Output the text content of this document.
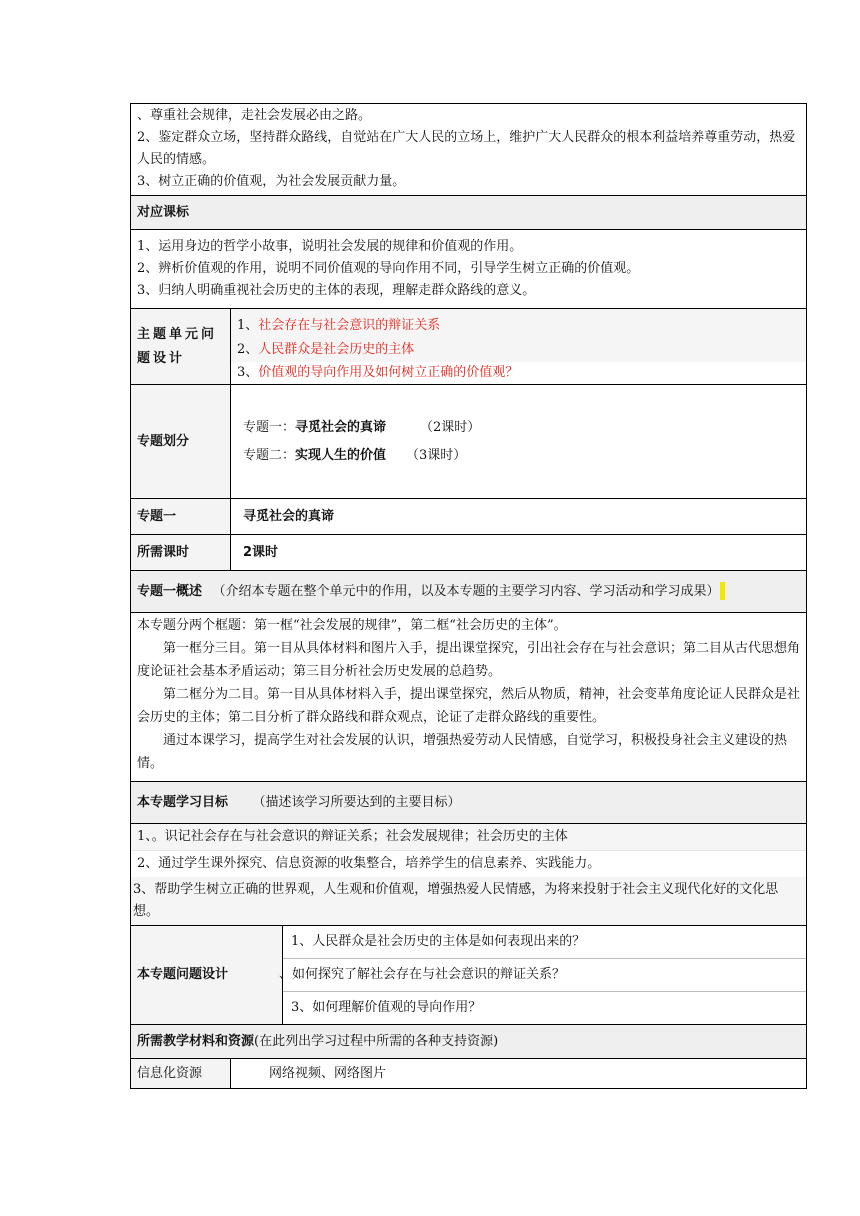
、尊重社会规律，走社会发展必由之路。
2、鉴定群众立场，坚持群众路线，自觉站在广大人民的立场上，维护广大人民群众的根本利益培养尊重劳动，热爱人民的情感。
3、树立正确的价值观，为社会发展贡献力量。		

对应课标		

1、运用身边的哲学小故事，说明社会发展的规律和价值观的作用。
2、辨析价值观的作用，说明不同价值观的导向作用不同，引导学生树立正确的价值观。
3、归纳人明确重视社会历史的主体的表现，理解走群众路线的意义。		

主题单元问题设计	1、社会存在与社会意识的辩证关系
2、人民群众是社会历史的主体
3、价值观的导向作用及如何树立正确的价值观？	

专题划分	专题一：寻觅社会的真谛 （2课时）
专题二：实现人生的价值 （3课时）	

专题一	寻觅社会的真谛	
所需课时	2课时	
专题一概述 （介绍本专题在整个单元中的作用，以及本专题的主要学习内容、学习活动和学习成果）		

本专题分两个框题：第一框“社会发展的规律”，第二框“社会历史的主体”。
第一框分三目。第一目从具体材料和图片入手，提出课堂探究，引出社会存在与社会意识；第二目从古代思想角度论证社会基本矛盾运动；第三目分析社会历史发展的总趋势。
第二框分为二目。第一目从具体材料入手，提出课堂探究，然后从物质，精神，社会变革角度论证人民群众是社会历史的主体；第二目分析了群众路线和群众观点，论证了走群众路线的重要性。
通过本课学习，提高学生对社会发展的认识，增强热爱劳动人民情感，自觉学习，积极投身社会主义建设的热情。		

本专题学习目标 （描述该学习所要达到的主要目标）		

1、。识记社会存在与社会意识的辩证关系；社会发展规律；社会历史的主体
2、通过学生课外探究、信息资源的收集整合，培养学生的信息素养、实践能力。
3、帮助学生树立正确的世界观，人生观和价值观，增强热爱人民情感，为将来投射于社会主义现代化好的文化思想。		

本专题问题设计		1、人民群众是社会历史的主体是如何表现出来的？
、如何探究了解社会存在与社会意识的辩证关系？
3、如何理解价值观的导向作用？

所需教学材料和资源(在此列出学习过程中所需的各种支持资源)		
信息化资源	网络视频、网络图片	
